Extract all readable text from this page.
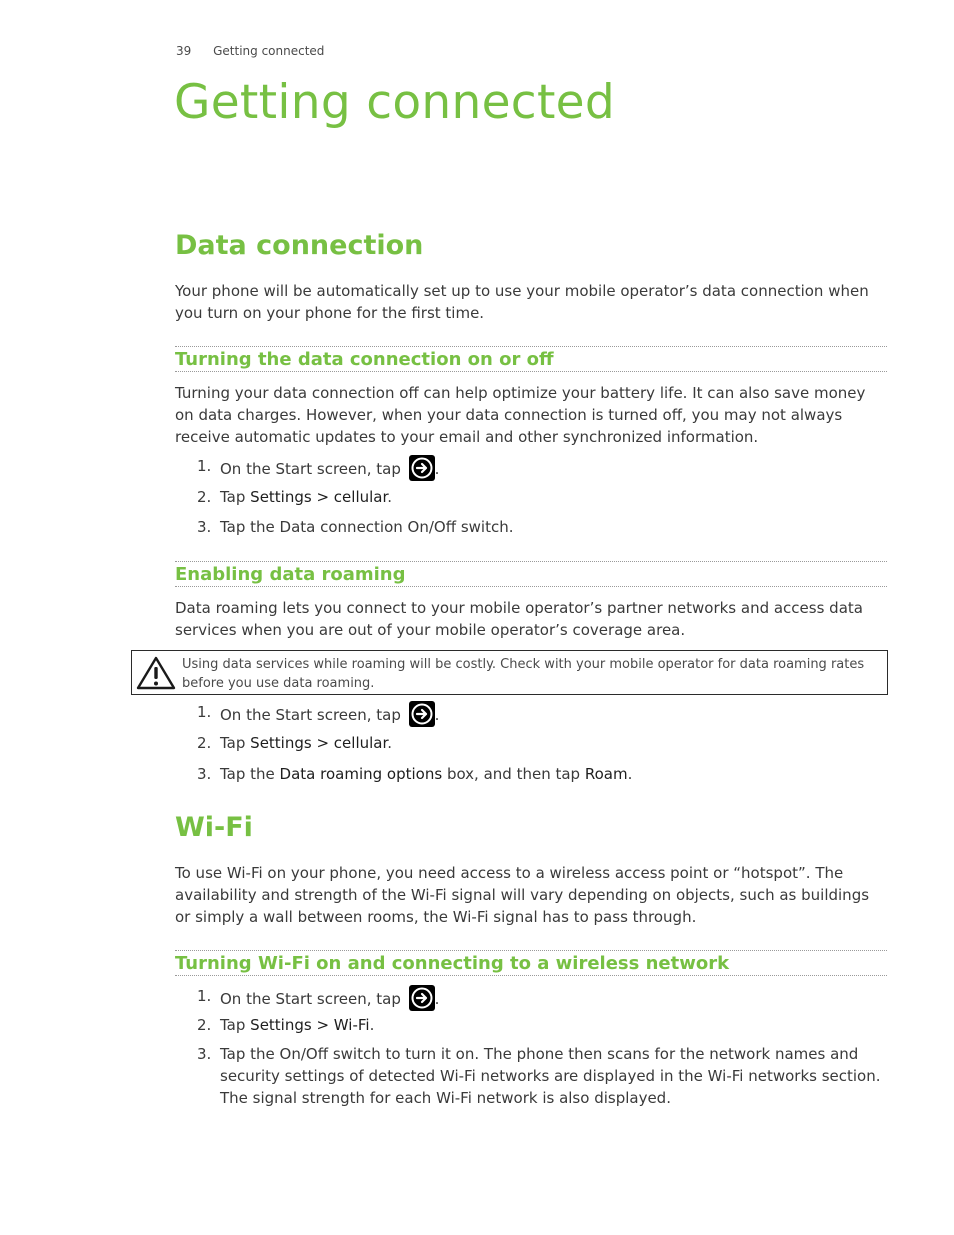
39 Getting connected
Getting connected
Data connection

Your phone will be automatically set up to use your mobile operator’s data connection when you turn on your phone for the first time.

Turning the data connection on or off

Turning your data connection off can help optimize your battery life. It can also save money on data charges. However, when your data connection is turned off, you may not always receive automatic updates to your email and other synchronized information.

1. On the Start screen, tap .
2. Tap Settings > cellular.
3. Tap the Data connection On/Off switch.
Enabling data roaming

Data roaming lets you connect to your mobile operator’s partner networks and access data services when you are out of your mobile operator’s coverage area.

Using data services while roaming will be costly. Check with your mobile operator for data roaming rates before you use data roaming.
1. On the Start screen, tap .
2. Tap Settings > cellular.
3. Tap the Data roaming options box, and then tap Roam.
Wi-Fi

To use Wi-Fi on your phone, you need access to a wireless access point or “hotspot”. The availability and strength of the Wi-Fi signal will vary depending on objects, such as buildings or simply a wall between rooms, the Wi-Fi signal has to pass through.

Turning Wi-Fi on and connecting to a wireless network
1. On the Start screen, tap .
2. Tap Settings > Wi-Fi.
3. Tap the On/Off switch to turn it on. The phone then scans for the network names and security settings of detected Wi-Fi networks are displayed in the Wi-Fi networks section. The signal strength for each Wi-Fi network is also displayed.
